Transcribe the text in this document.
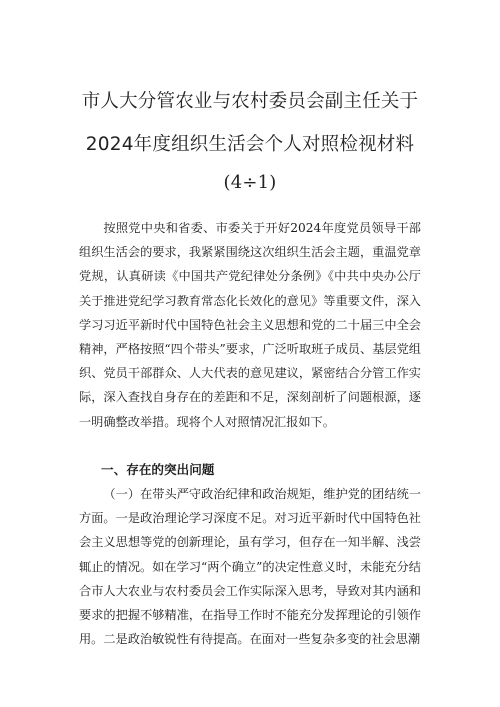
市人大分管农业与农村委员会副主任关于
2024年度组织生活会个人对照检视材料
(4÷1)

按照党中央和省委、市委关于开好2024年度党员领导干部组织生活会的要求，我紧紧围绕这次组织生活会主题，重温党章党规，认真研读《中国共产党纪律处分条例》《中共中央办公厅关于推进党纪学习教育常态化长效化的意见》等重要文件，深入学习习近平新时代中国特色社会主义思想和党的二十届三中全会精神，严格按照“四个带头”要求，广泛听取班子成员、基层党组织、党员干部群众、人大代表的意见建议，紧密结合分管工作实际，深入查找自身存在的差距和不足，深刻剖析了问题根源，逐一明确整改举措。现将个人对照情况汇报如下。

一、存在的突出问题

（一）在带头严守政治纪律和政治规矩，维护党的团结统一方面。一是政治理论学习深度不足。对习近平新时代中国特色社会主义思想等党的创新理论，虽有学习，但存在一知半解、浅尝辄止的情况。如在学习“两个确立”的决定性意义时，未能充分结合市人大农业与农村委员会工作实际深入思考，导致对其内涵和要求的把握不够精准，在指导工作时不能充分发挥理论的引领作用。二是政治敏锐性有待提高。在面对一些复杂多变的社会思潮
